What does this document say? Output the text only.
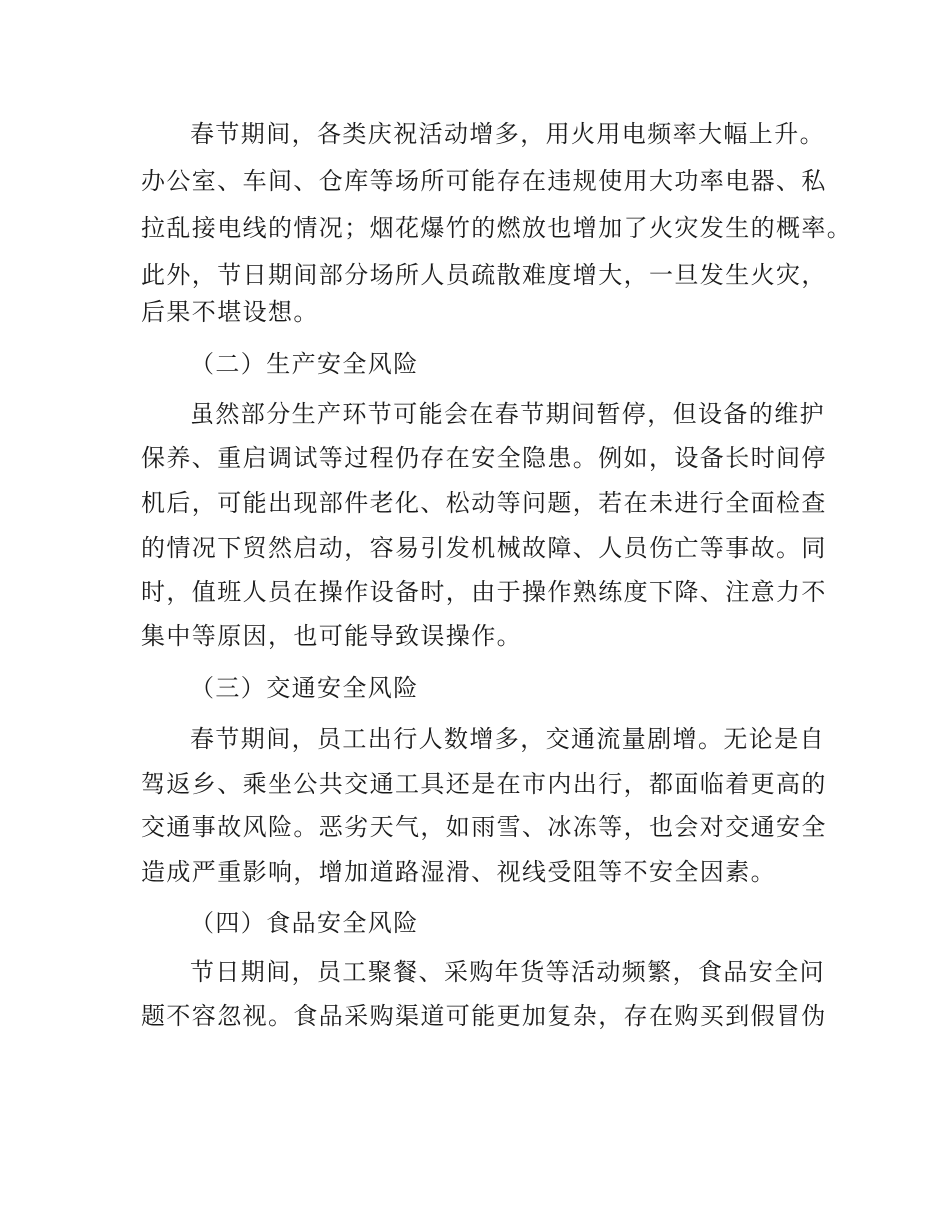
春节期间，各类庆祝活动增多，用火用电频率大幅上升。
办公室、车间、仓库等场所可能存在违规使用大功率电器、私
拉乱接电线的情况；烟花爆竹的燃放也增加了火灾发生的概率。
此外，节日期间部分场所人员疏散难度增大，一旦发生火灾，
后果不堪设想。
（二）生产安全风险
虽然部分生产环节可能会在春节期间暂停，但设备的维护
保养、重启调试等过程仍存在安全隐患。例如，设备长时间停
机后，可能出现部件老化、松动等问题，若在未进行全面检查
的情况下贸然启动，容易引发机械故障、人员伤亡等事故。同
时，值班人员在操作设备时，由于操作熟练度下降、注意力不
集中等原因，也可能导致误操作。
（三）交通安全风险
春节期间，员工出行人数增多，交通流量剧增。无论是自
驾返乡、乘坐公共交通工具还是在市内出行，都面临着更高的
交通事故风险。恶劣天气，如雨雪、冰冻等，也会对交通安全
造成严重影响，增加道路湿滑、视线受阻等不安全因素。
（四）食品安全风险
节日期间，员工聚餐、采购年货等活动频繁，食品安全问
题不容忽视。食品采购渠道可能更加复杂，存在购买到假冒伪
